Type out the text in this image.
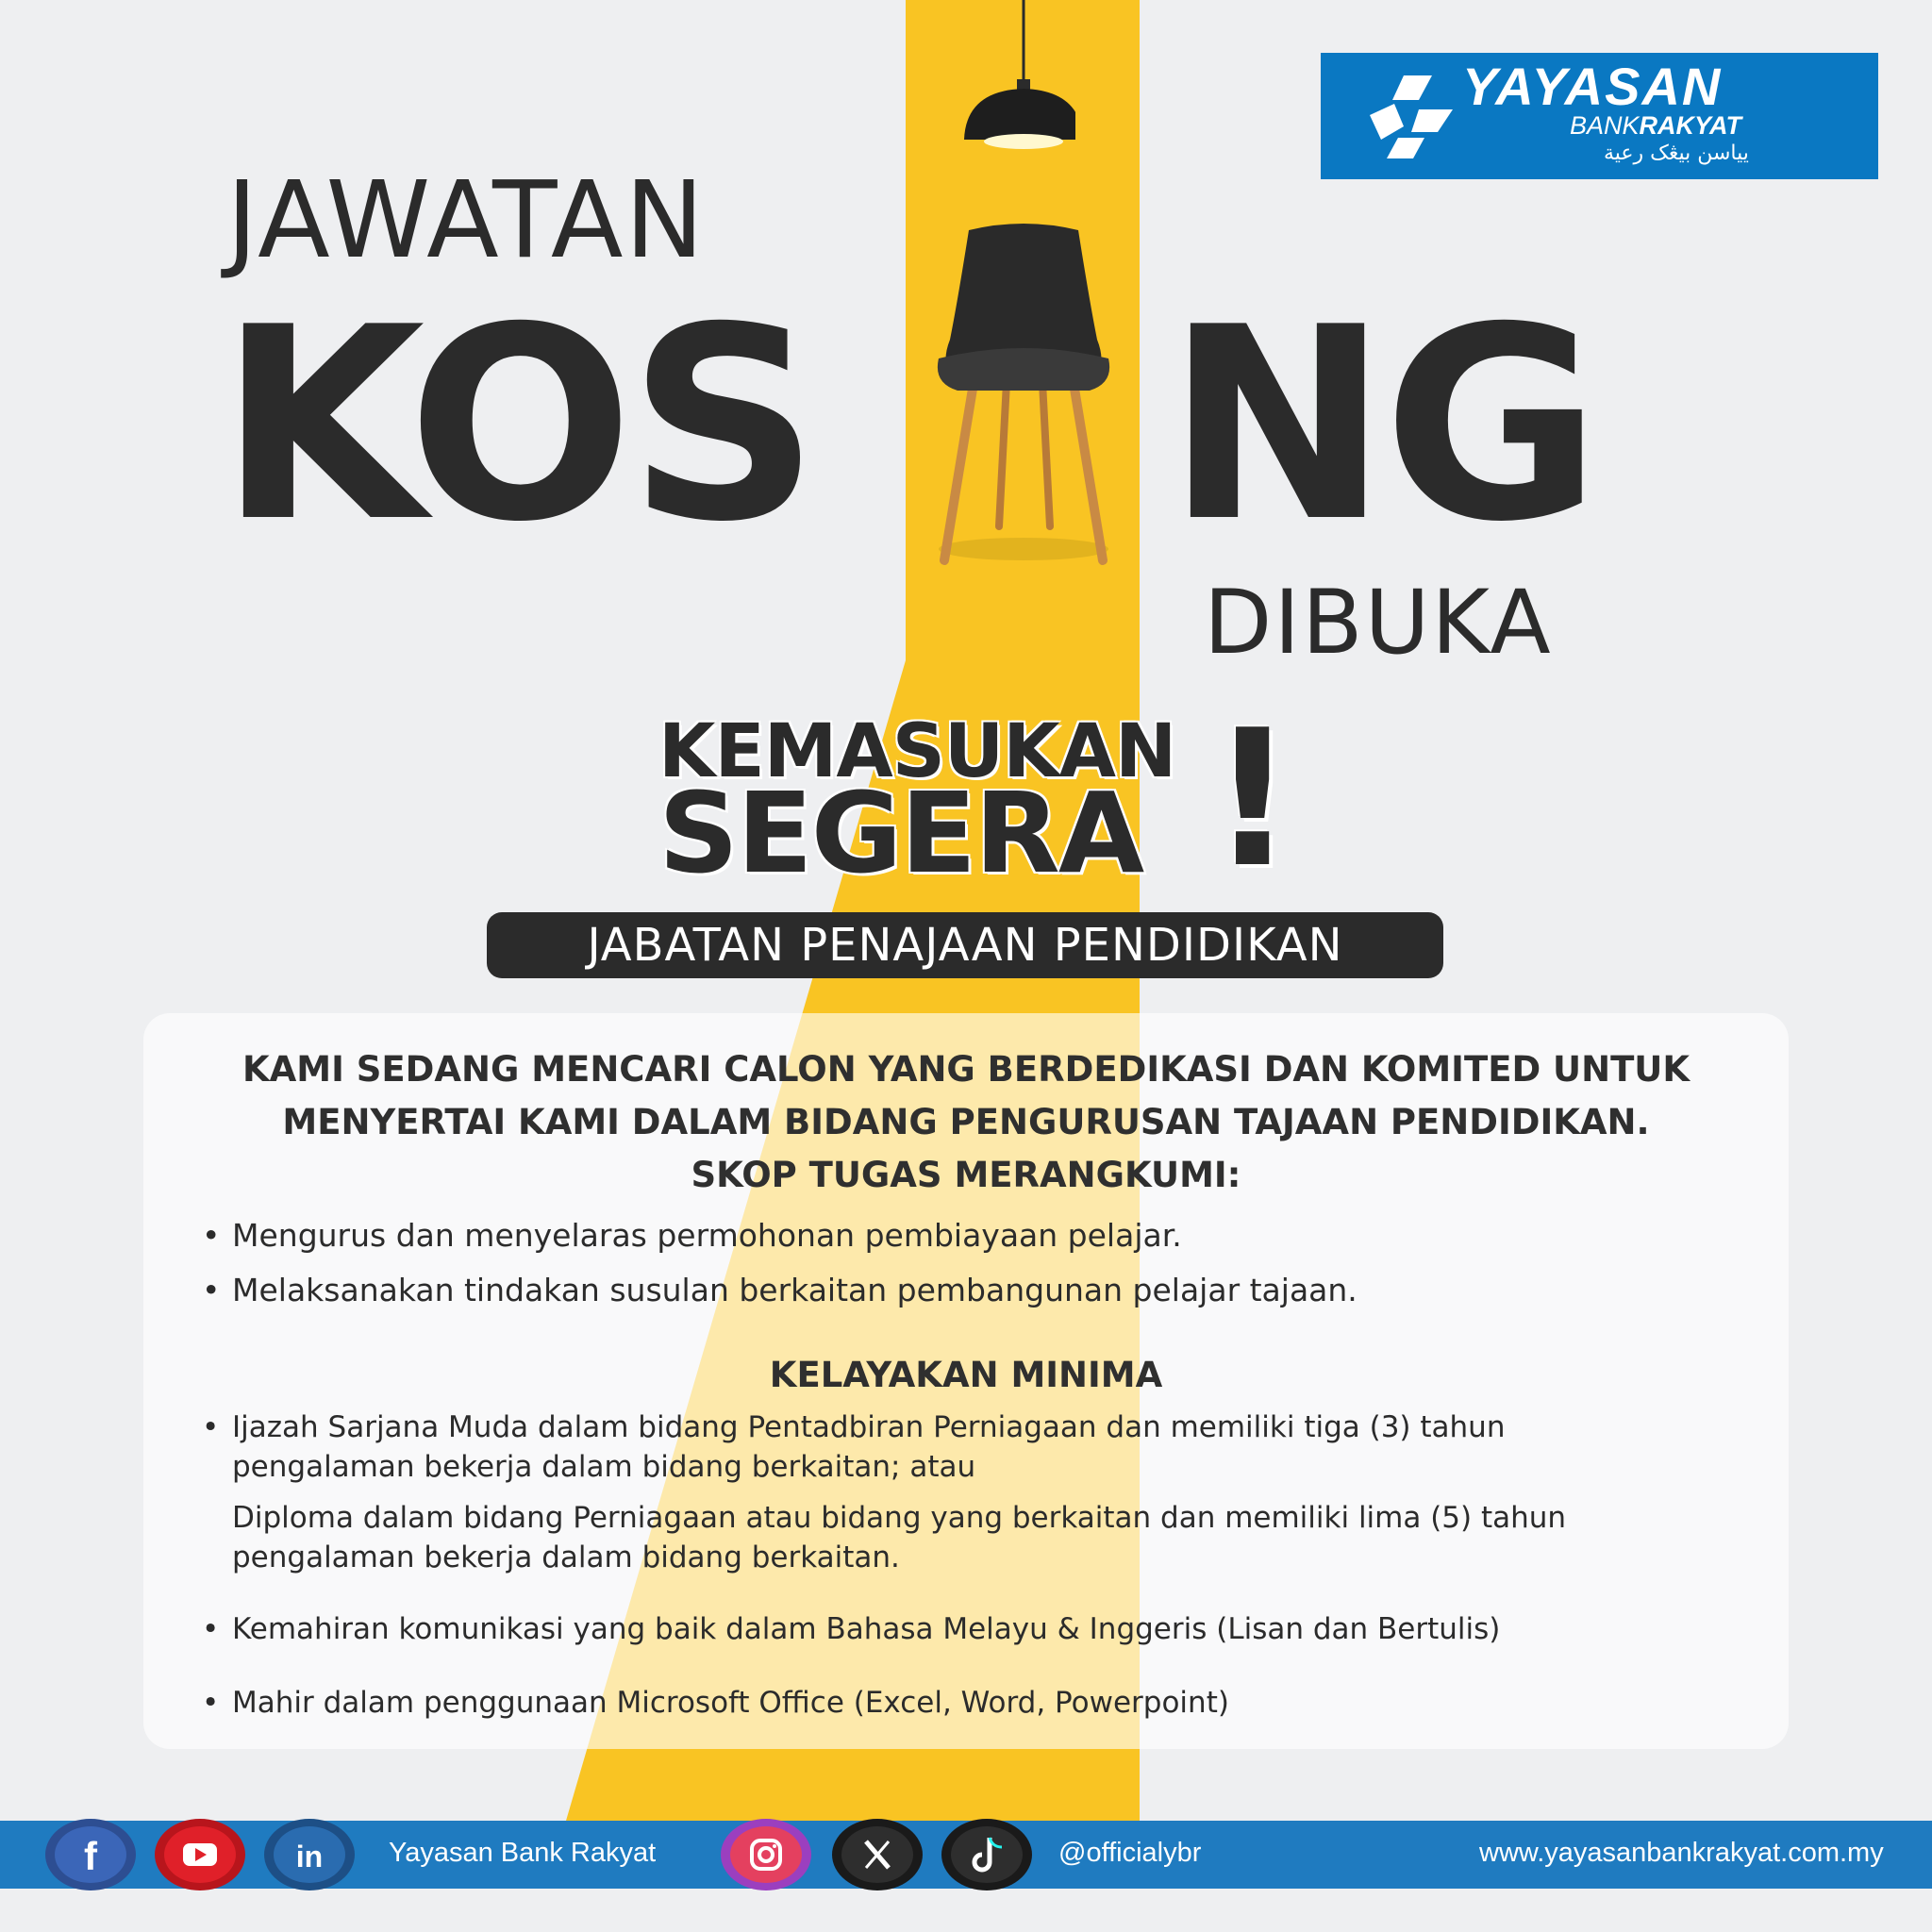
YAYASAN
BANKRAKYAT
يياسن بيڠک رعية
JAWATAN
KOS NG
DIBUKA
KEMASUKAN
SEGERA !
JABATAN PENAJAAN PENDIDIKAN
KAMI SEDANG MENCARI CALON YANG BERDEDIKASI DAN KOMITED UNTUK
MENYERTAI KAMI DALAM BIDANG PENGURUSAN TAJAAN PENDIDIKAN.
SKOP TUGAS MERANGKUMI:
• Mengurus dan menyelaras permohonan pembiayaan pelajar.
• Melaksanakan tindakan susulan berkaitan pembangunan pelajar tajaan.
KELAYAKAN MINIMA
• Ijazah Sarjana Muda dalam bidang Pentadbiran Perniagaan dan memiliki tiga (3) tahun
pengalaman bekerja dalam bidang berkaitan; atau
Diploma dalam bidang Perniagaan atau bidang yang berkaitan dan memiliki lima (5) tahun
pengalaman bekerja dalam bidang berkaitan.
• Kemahiran komunikasi yang baik dalam Bahasa Melayu & Inggeris (Lisan dan Bertulis)
• Mahir dalam penggunaan Microsoft Office (Excel, Word, Powerpoint)
f	in Yayasan Bank Rakyat	@officialybr	www.yayasanbankrakyat.com.my
